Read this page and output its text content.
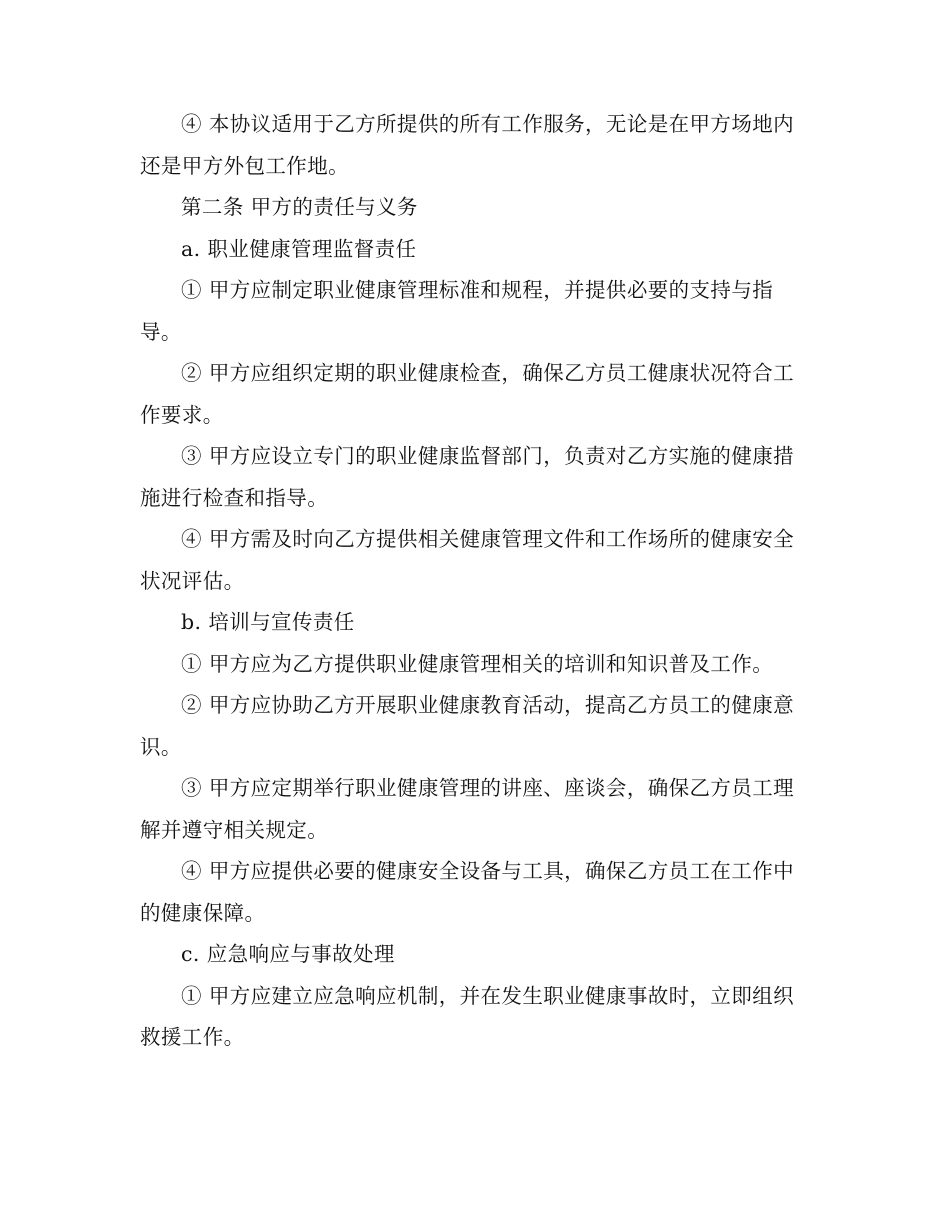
④ 本协议适用于乙方所提供的所有工作服务，无论是在甲方场地内还是甲方外包工作地。

第二条 甲方的责任与义务

a. 职业健康管理监督责任

① 甲方应制定职业健康管理标准和规程，并提供必要的支持与指导。

② 甲方应组织定期的职业健康检查，确保乙方员工健康状况符合工作要求。

③ 甲方应设立专门的职业健康监督部门，负责对乙方实施的健康措施进行检查和指导。

④ 甲方需及时向乙方提供相关健康管理文件和工作场所的健康安全状况评估。

b. 培训与宣传责任

① 甲方应为乙方提供职业健康管理相关的培训和知识普及工作。

② 甲方应协助乙方开展职业健康教育活动，提高乙方员工的健康意识。

③ 甲方应定期举行职业健康管理的讲座、座谈会，确保乙方员工理解并遵守相关规定。

④ 甲方应提供必要的健康安全设备与工具，确保乙方员工在工作中的健康保障。

c. 应急响应与事故处理

① 甲方应建立应急响应机制，并在发生职业健康事故时，立即组织救援工作。
